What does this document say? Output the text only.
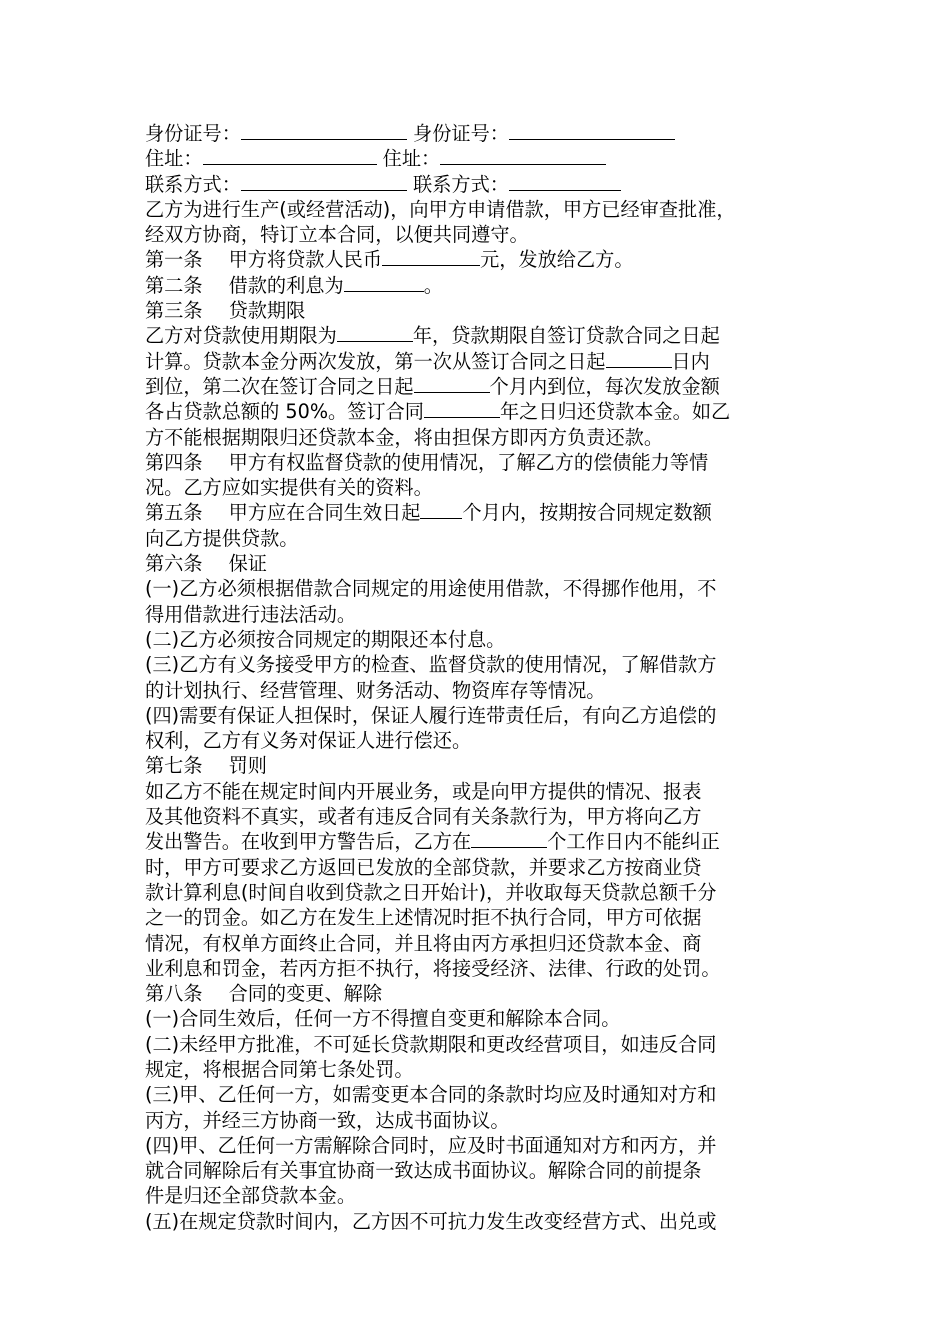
身份证号：	身份证号：
住址：	住址：
联系方式：	联系方式：
乙方为进行生产(或经营活动)，向甲方申请借款，甲方已经审查批准，
经双方协商，特订立本合同，以便共同遵守。
第一条 甲方将贷款人民币	元，发放给乙方。
第二条 借款的利息为	。
第三条 贷款期限
乙方对贷款使用期限为	年，贷款期限自签订贷款合同之日起
计算。贷款本金分两次发放，第一次从签订合同之日起	日内
到位，第二次在签订合同之日起	个月内到位，每次发放金额
各占贷款总额的 50%。签订合同	年之日归还贷款本金。如乙
方不能根据期限归还贷款本金，将由担保方即丙方负责还款。
第四条 甲方有权监督贷款的使用情况，了解乙方的偿债能力等情
况。乙方应如实提供有关的资料。
第五条 甲方应在合同生效日起 个月内，按期按合同规定数额
向乙方提供贷款。
第六条 保证
(一)乙方必须根据借款合同规定的用途使用借款，不得挪作他用，不
得用借款进行违法活动。
(二)乙方必须按合同规定的期限还本付息。
(三)乙方有义务接受甲方的检查、监督贷款的使用情况，了解借款方
的计划执行、经营管理、财务活动、物资库存等情况。
(四)需要有保证人担保时，保证人履行连带责任后，有向乙方追偿的
权利，乙方有义务对保证人进行偿还。
第七条 罚则
如乙方不能在规定时间内开展业务，或是向甲方提供的情况、报表
及其他资料不真实，或者有违反合同有关条款行为，甲方将向乙方
发出警告。在收到甲方警告后，乙方在	个工作日内不能纠正
时，甲方可要求乙方返回已发放的全部贷款，并要求乙方按商业贷
款计算利息(时间自收到贷款之日开始计)，并收取每天贷款总额千分
之一的罚金。如乙方在发生上述情况时拒不执行合同，甲方可依据
情况，有权单方面终止合同，并且将由丙方承担归还贷款本金、商
业利息和罚金，若丙方拒不执行，将接受经济、法律、行政的处罚。
第八条 合同的变更、解除
(一)合同生效后，任何一方不得擅自变更和解除本合同。
(二)未经甲方批准，不可延长贷款期限和更改经营项目，如违反合同
规定，将根据合同第七条处罚。
(三)甲、乙任何一方，如需变更本合同的条款时均应及时通知对方和
丙方，并经三方协商一致，达成书面协议。
(四)甲、乙任何一方需解除合同时，应及时书面通知对方和丙方，并
就合同解除后有关事宜协商一致达成书面协议。解除合同的前提条
件是归还全部贷款本金。
(五)在规定贷款时间内，乙方因不可抗力发生改变经营方式、出兑或
